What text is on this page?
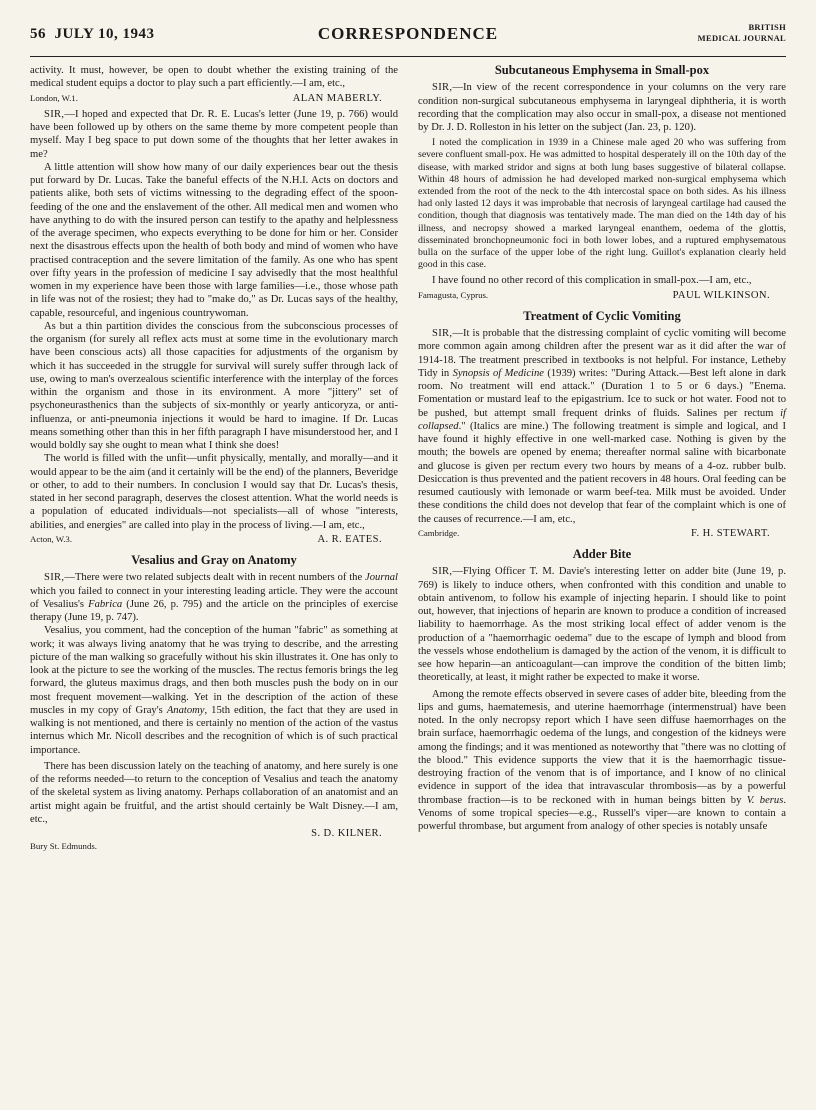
56 JULY 10, 1943	CORRESPONDENCE	BRITISH
MEDICAL JOURNAL

activity. It must, however, be open to doubt whether the existing training of the medical student equips a doctor to play such a part efficiently.—I am, etc.,

London, W.1.	ALAN MABERLY.

SIR,—I hoped and expected that Dr. R. E. Lucas's letter (June 19, p. 766) would have been followed up by others on the same theme by more competent people than myself. May I beg space to put down some of the thoughts that her letter awakes in me?

A little attention will show how many of our daily experiences bear out the thesis put forward by Dr. Lucas. Take the baneful effects of the N.H.I. Acts on doctors and patients alike, both sets of victims witnessing to the degrading effect of the spoon-feeding of the one and the enslavement of the other. All medical men and women who have anything to do with the insured person can testify to the apathy and helplessness of the average specimen, who expects everything to be done for him or her. Consider next the disastrous effects upon the health of both body and mind of women who have practised contraception and the severe limitation of the family. As one who has spent over fifty years in the profession of medicine I say advisedly that the most healthful women in my experience have been those with large families—i.e., those whose path in life was not of the rosiest; they had to "make do," as Dr. Lucas says of the healthy, capable, resourceful, and ingenious countrywoman.

As but a thin partition divides the conscious from the subconscious processes of the organism (for surely all reflex acts must at some time in the evolutionary march have been conscious acts) all those capacities for adjustments of the organism by which it has succeeded in the struggle for survival will surely suffer through lack of use, owing to man's overzealous scientific interference with the interplay of the forces within the organism and those in its environment. A more "jittery" set of psychoneurasthenics than the subjects of six-monthly or yearly anticoryza, or anti-influenza, or anti-pneumonia injections it would be hard to imagine. If Dr. Lucas means something other than this in her fifth paragraph I have misunderstood her, and I would boldly say she ought to mean what I think she does!

The world is filled with the unfit—unfit physically, mentally, and morally—and it would appear to be the aim (and it certainly will be the end) of the planners, Beveridge or other, to add to their numbers. In conclusion I would say that Dr. Lucas's thesis, stated in her second paragraph, deserves the closest attention. What the world needs is a population of educated individuals—not specialists—all of whose "interests, abilities, and energies" are called into play in the process of living.—I am, etc.,

Acton, W.3.	A. R. EATES.
Vesalius and Gray on Anatomy

SIR,—There were two related subjects dealt with in recent numbers of the Journal which you failed to connect in your interesting leading article. They were the account of Vesalius's Fabrica (June 26, p. 795) and the article on the principles of exercise therapy (June 19, p. 747).

Vesalius, you comment, had the conception of the human "fabric" as something at work; it was always living anatomy that he was trying to describe, and the arresting picture of the man walking so gracefully without his skin illustrates it. One has only to look at the picture to see the working of the muscles. The rectus femoris brings the leg forward, the gluteus maximus drags, and then both muscles push the body on in our most frequent movement—walking. Yet in the description of the action of these muscles in my copy of Gray's Anatomy, 15th edition, the fact that they are used in walking is not mentioned, and there is certainly no mention of the action of the vastus internus which Mr. Nicoll describes and the recognition of which is of such practical importance.

There has been discussion lately on the teaching of anatomy, and here surely is one of the reforms needed—to return to the conception of Vesalius and teach the anatomy of the skeletal system as living anatomy. Perhaps collaboration of an anatomist and an artist might again be fruitful, and the artist should certainly be Walt Disney.—I am, etc.,

S. D. KILNER.
Bury St. Edmunds.
Subcutaneous Emphysema in Small-pox

SIR,—In view of the recent correspondence in your columns on the very rare condition non-surgical subcutaneous emphysema in laryngeal diphtheria, it is worth recording that the complication may also occur in small-pox, a disease not mentioned by Dr. J. D. Rolleston in his letter on the subject (Jan. 23, p. 120).

I noted the complication in 1939 in a Chinese male aged 20 who was suffering from severe confluent small-pox. He was admitted to hospital desperately ill on the 10th day of the disease, with marked stridor and signs at both lung bases suggestive of bilateral collapse. Within 48 hours of admission he had developed marked non-surgical emphysema which extended from the root of the neck to the 4th intercostal space on both sides. As his illness had only lasted 12 days it was improbable that necrosis of laryngeal cartilage had caused the condition, though that diagnosis was tentatively made. The man died on the 14th day of his illness, and necropsy showed a marked laryngeal enanthem, oedema of the glottis, disseminated bronchopneumonic foci in both lower lobes, and a ruptured emphysematous bulla on the surface of the upper lobe of the right lung. Guillot's explanation clearly held good in this case.

I have found no other record of this complication in small-pox.—I am, etc.,

Famagusta, Cyprus.	PAUL WILKINSON.
Treatment of Cyclic Vomiting

SIR,—It is probable that the distressing complaint of cyclic vomiting will become more common again among children after the present war as it did after the war of 1914-18. The treatment prescribed in textbooks is not helpful. For instance, Letheby Tidy in Synopsis of Medicine (1939) writes: "During Attack.—Best left alone in dark room. No treatment will end attack." (Duration 1 to 5 or 6 days.) "Enema. Fomentation or mustard leaf to the epigastrium. Ice to suck or hot water. Food not to be pushed, but attempt small frequent drinks of fluids. Salines per rectum if collapsed." (Italics are mine.) The following treatment is simple and logical, and I have found it highly effective in one well-marked case. Nothing is given by the mouth; the bowels are opened by enema; thereafter normal saline with bicarbonate and glucose is given per rectum every two hours by means of a 4-oz. rubber bulb. Desiccation is thus prevented and the patient recovers in 48 hours. Oral feeding can be resumed cautiously with lemonade or warm beef-tea. Milk must be avoided. Under these conditions the child does not develop that fear of the complaint which is one of the causes of recurrence.—I am, etc.,

Cambridge.	F. H. STEWART.
Adder Bite

SIR,—Flying Officer T. M. Davie's interesting letter on adder bite (June 19, p. 769) is likely to induce others, when confronted with this condition and unable to obtain antivenom, to follow his example of injecting heparin. I should like to point out, however, that injections of heparin are known to produce a condition of increased liability to haemorrhage. As the most striking local effect of adder venom is the production of a "haemorrhagic oedema" due to the escape of lymph and blood from the vessels whose endothelium is damaged by the action of the venom, it is difficult to see how heparin—an anticoagulant—can improve the condition of the bitten limb; theoretically, at least, it might rather be expected to make it worse.

Among the remote effects observed in severe cases of adder bite, bleeding from the lips and gums, haematemesis, and uterine haemorrhage (intermenstrual) have been noted. In the only necropsy report which I have seen diffuse haemorrhages on the brain surface, haemorrhagic oedema of the lungs, and congestion of the kidneys were among the findings; and it was mentioned as noteworthy that "there was no clotting of the blood." This evidence supports the view that it is the haemorrhagic tissue-destroying fraction of the venom that is of importance, and I know of no clinical evidence in support of the idea that intravascular thrombosis—as by a powerful thrombase fraction—is to be reckoned with in human beings bitten by V. berus. Venoms of some tropical species—e.g., Russell's viper—are known to contain a powerful thrombase, but argument from analogy of other species is notably unsafe
